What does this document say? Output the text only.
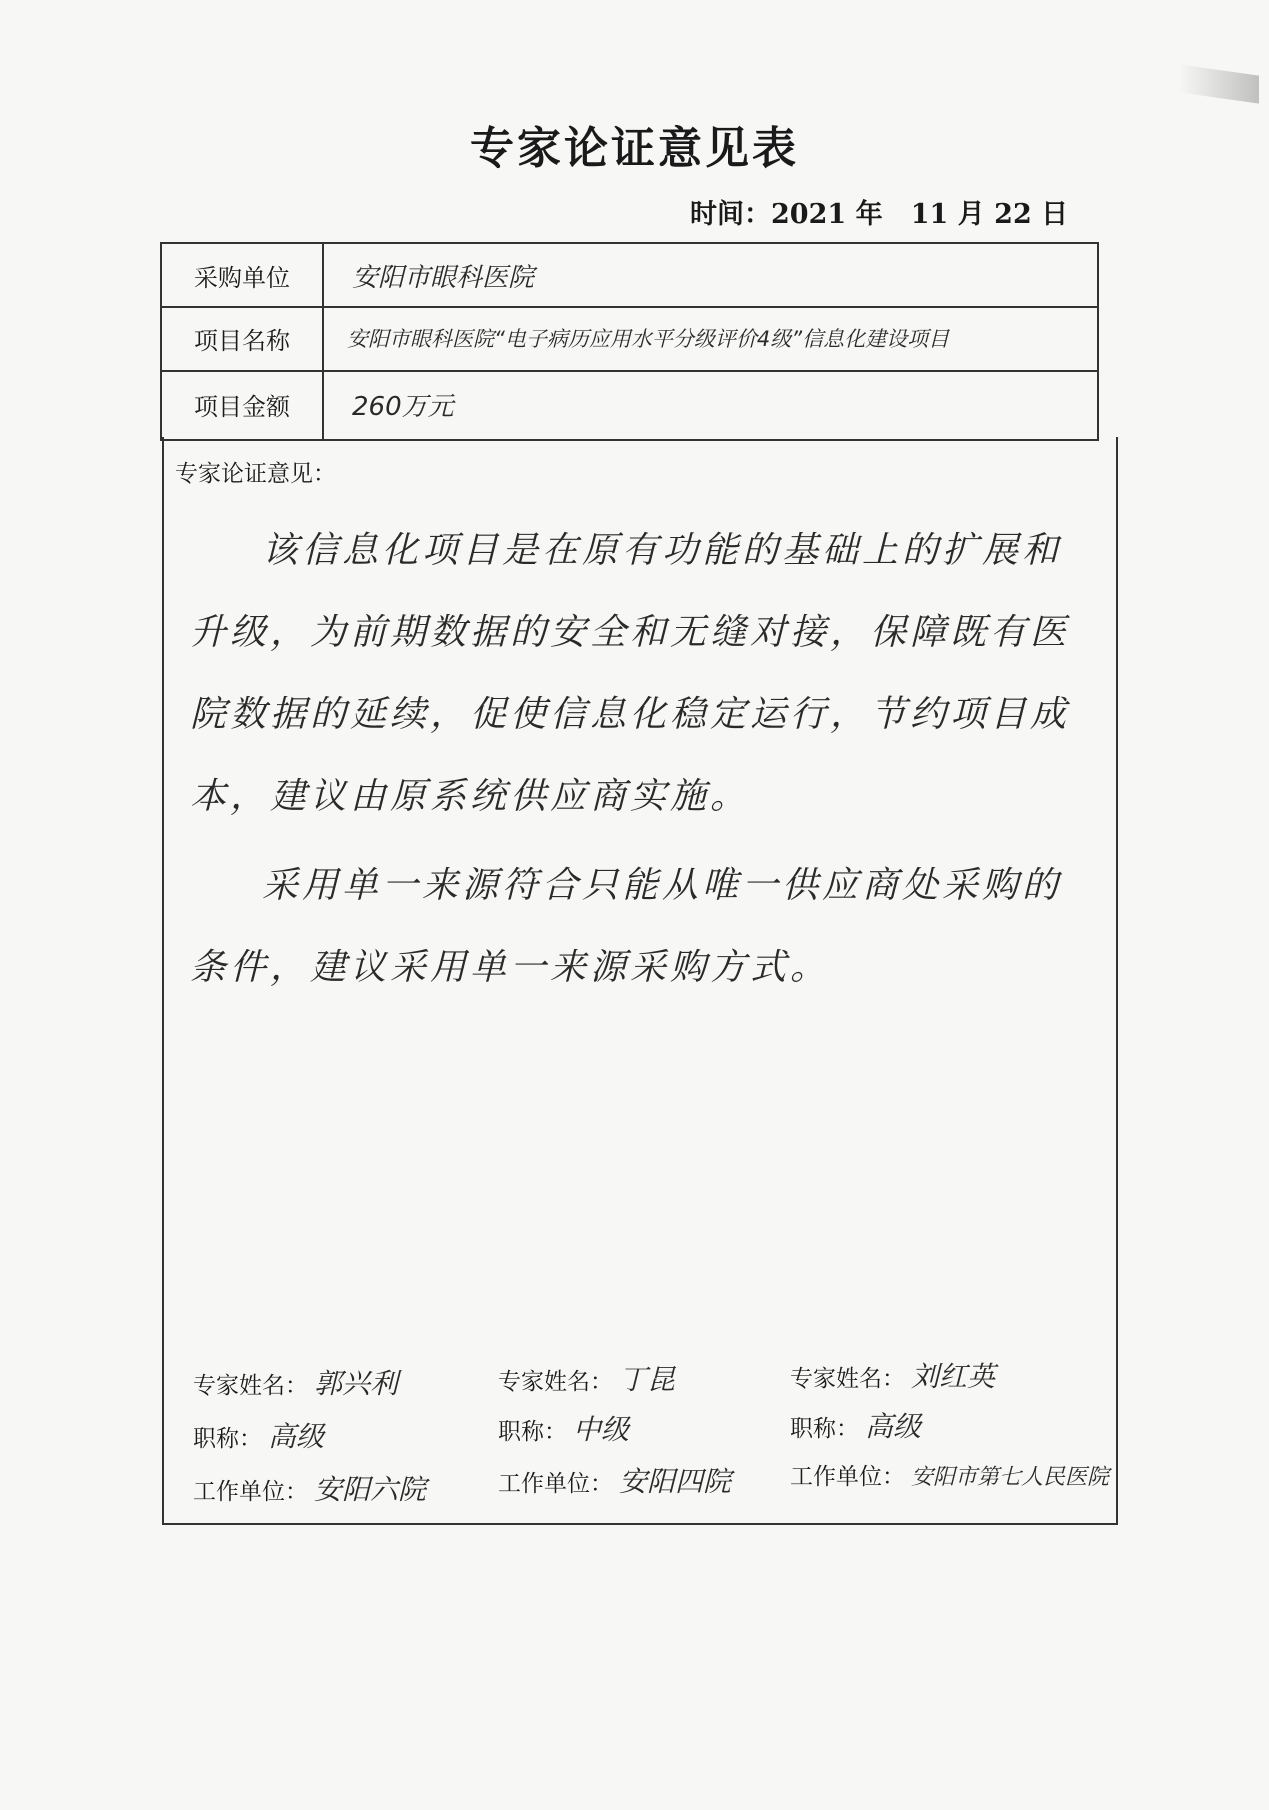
专家论证意见表
时间：2021 年 11 月 22 日
采购单位	安阳市眼科医院
项目名称	安阳市眼科医院“电子病历应用水平分级评价4级”信息化建设项目
项目金额	260万元
专家论证意见：
该信息化项目是在原有功能的基础上的扩展和升级，为前期数据的安全和无缝对接，保障既有医院数据的延续，促使信息化稳定运行，节约项目成本，建议由原系统供应商实施。
采用单一来源符合只能从唯一供应商处采购的条件，建议采用单一来源采购方式。
专家姓名： 郭兴利
职称： 高级
工作单位： 安阳六院
专家姓名： 丁昆
职称： 中级
工作单位： 安阳四院
专家姓名： 刘红英
职称： 高级
工作单位： 安阳市第七人民医院
